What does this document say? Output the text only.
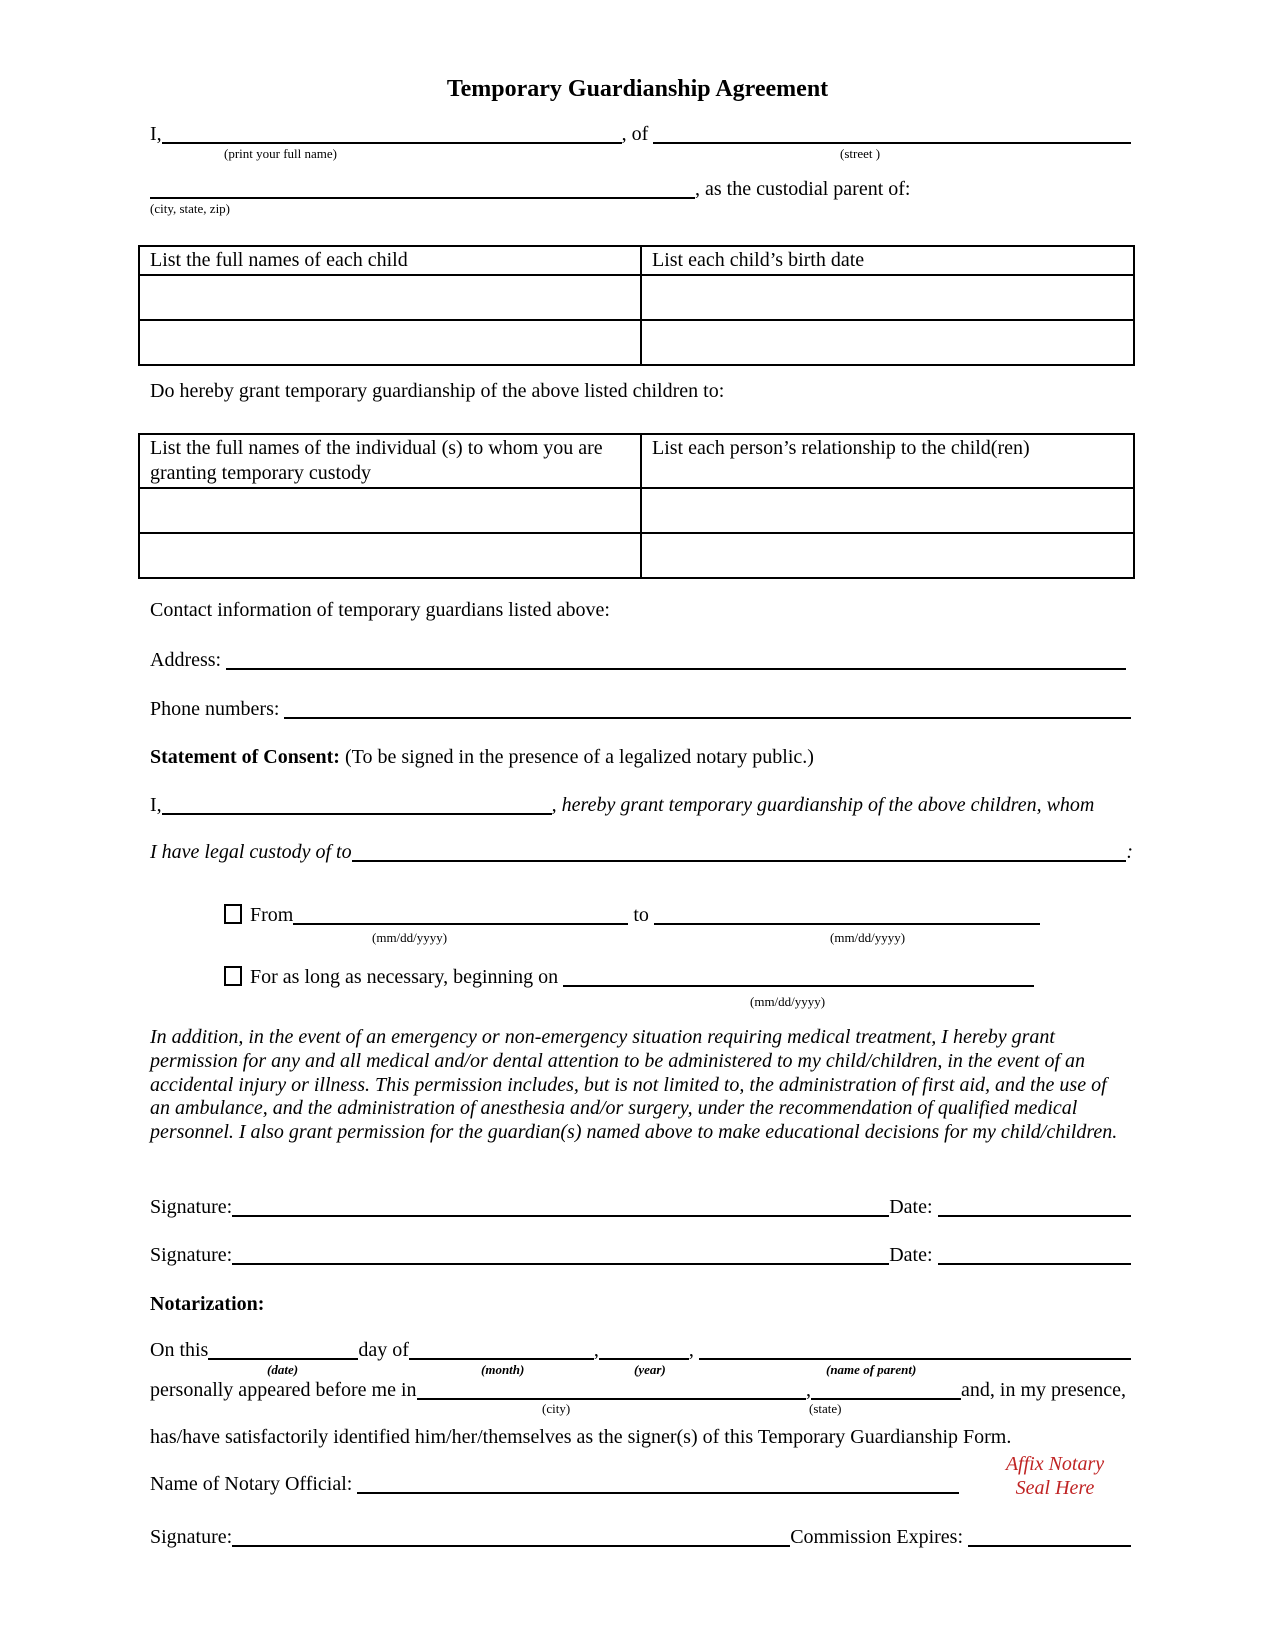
Temporary Guardianship Agreement
I,	, of
(print your full name)	(street )
, as the custodial parent of:
(city, state, zip)
List the full names of each child	List each child’s birth date

Do hereby grant temporary guardianship of the above listed children to:
List the full names of the individual (s) to whom you are granting temporary custody	List each person’s relationship to the child(ren)

Contact information of temporary guardians listed above:
Address:
Phone numbers:
Statement of Consent: (To be signed in the presence of a legalized notary public.)
I,	, hereby grant temporary guardianship of the above children, whom
I have legal custody of to	:
From	to
(mm/dd/yyyy)	(mm/dd/yyyy)
For as long as necessary, beginning on
(mm/dd/yyyy)
In addition, in the event of an emergency or non-emergency situation requiring medical treatment, I hereby grant permission for any and all medical and/or dental attention to be administered to my child/children, in the event of an accidental injury or illness. This permission includes, but is not limited to, the administration of first aid, and the use of an ambulance, and the administration of anesthesia and/or surgery, under the recommendation of qualified medical personnel. I also grant permission for the guardian(s) named above to make educational decisions for my child/children.
Signature:	Date:
Signature:	Date:
Notarization:
On this	day of	,	,
(date)	(month)	(year)	(name of parent)
personally appeared before me in	,	and, in my presence,
(city)	(state)
has/have satisfactorily identified him/her/themselves as the signer(s) of this Temporary Guardianship Form.
Affix Notary
Seal Here
Name of Notary Official:
Signature:	Commission Expires:
